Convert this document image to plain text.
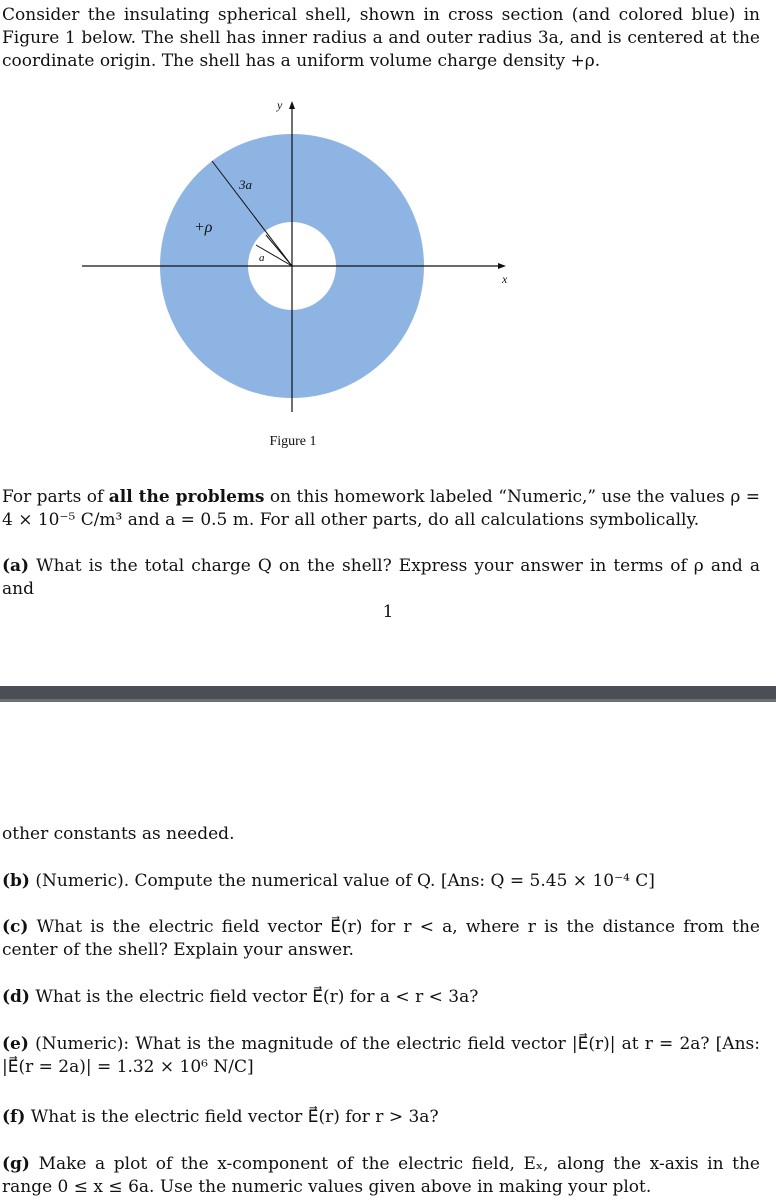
Consider the insulating spherical shell, shown in cross section (and colored blue) in Figure 1 below. The shell has inner radius a and outer radius 3a, and is centered at the coordinate origin. The shell has a uniform volume charge density +ρ.

y
x
3a
a
+ρ
Figure 1

For parts of all the problems on this homework labeled “Numeric,” use the values ρ = 4 × 10⁻⁵ C/m³ and a = 0.5 m. For all other parts, do all calculations symbolically.

(a) What is the total charge Q on the shell? Express your answer in terms of ρ and a and

1

other constants as needed.

(b) (Numeric). Compute the numerical value of Q. [Ans: Q = 5.45 × 10⁻⁴ C]

(c) What is the electric field vector E⃗(r) for r < a, where r is the distance from the center of the shell? Explain your answer.

(d) What is the electric field vector E⃗(r) for a < r < 3a?

(e) (Numeric): What is the magnitude of the electric field vector |E⃗(r)| at r = 2a? [Ans: |E⃗(r = 2a)| = 1.32 × 10⁶ N/C]

(f) What is the electric field vector E⃗(r) for r > 3a?

(g) Make a plot of the x-component of the electric field, Eₓ, along the x-axis in the range 0 ≤ x ≤ 6a. Use the numeric values given above in making your plot.
